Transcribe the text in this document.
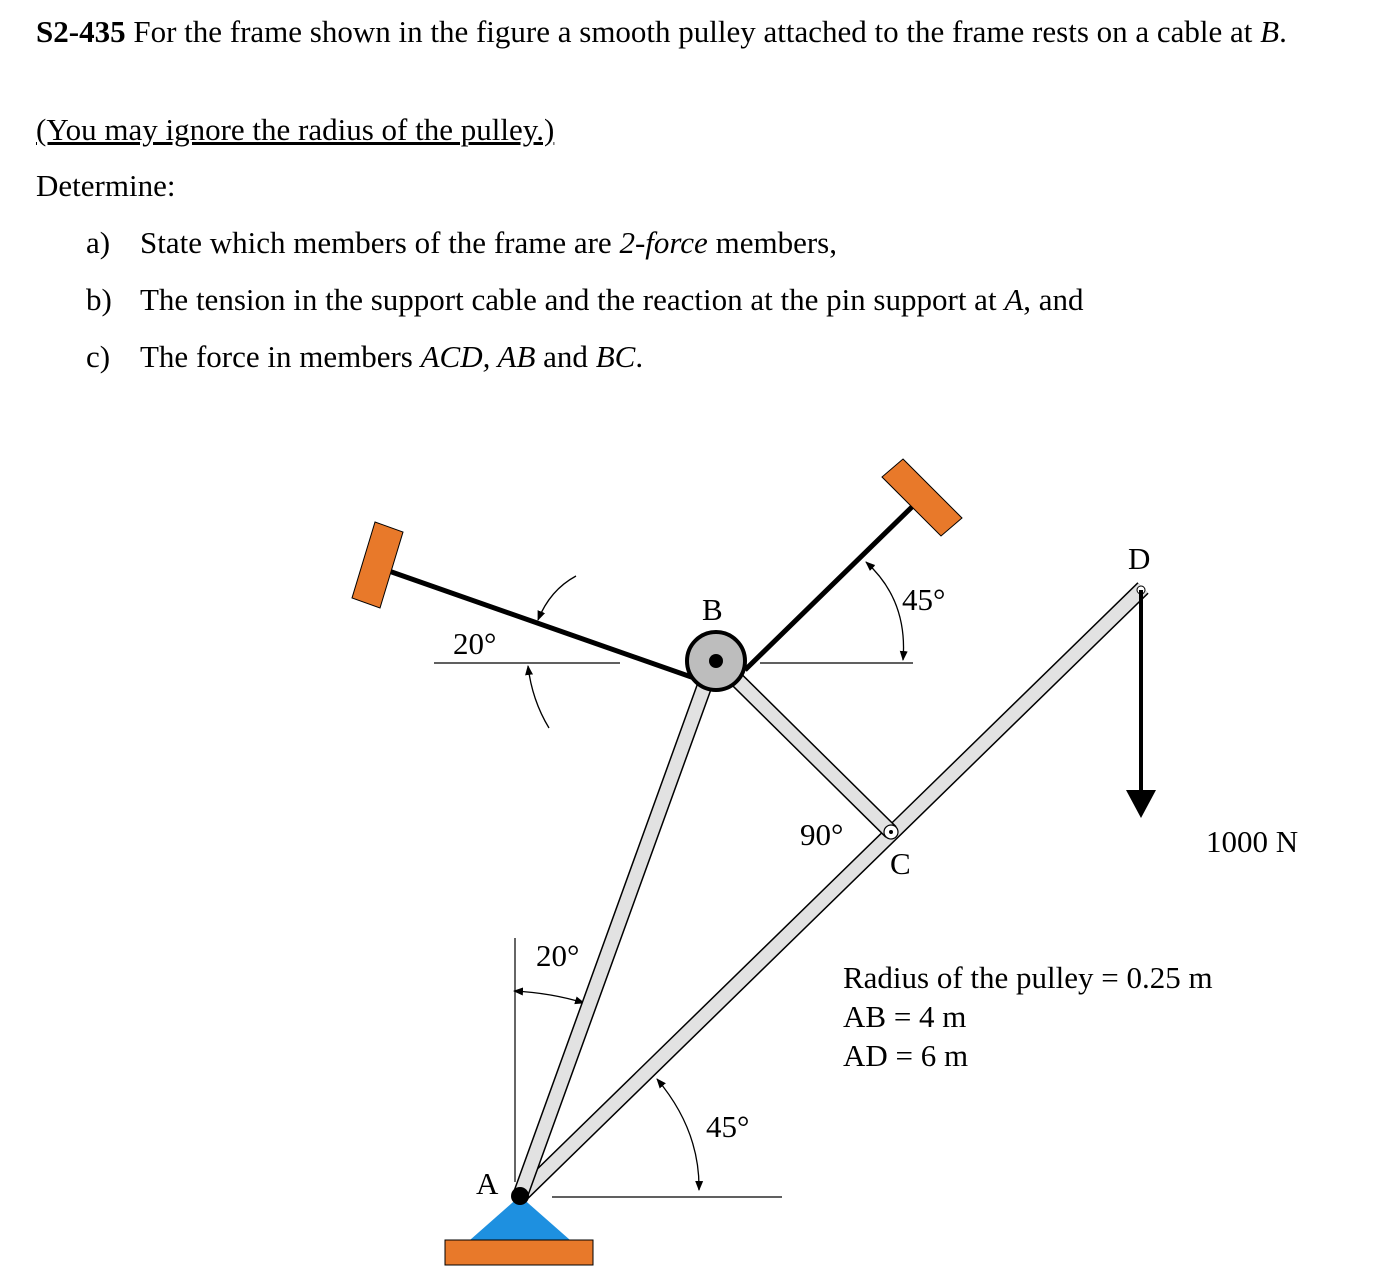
S2-435 For the frame shown in the figure a smooth pulley attached to the frame rests on a cable at B.
(You may ignore the radius of the pulley.)
Determine:
a) State which members of the frame are 2-force members,
b) The tension in the support cable and the reaction at the pin support at A, and
c) The force in members ACD, AB and BC.
B
D
C
A
20°
45°
20°
45°
90°	1000 N
Radius of the pulley = 0.25 m
AB = 4 m
AD = 6 m
